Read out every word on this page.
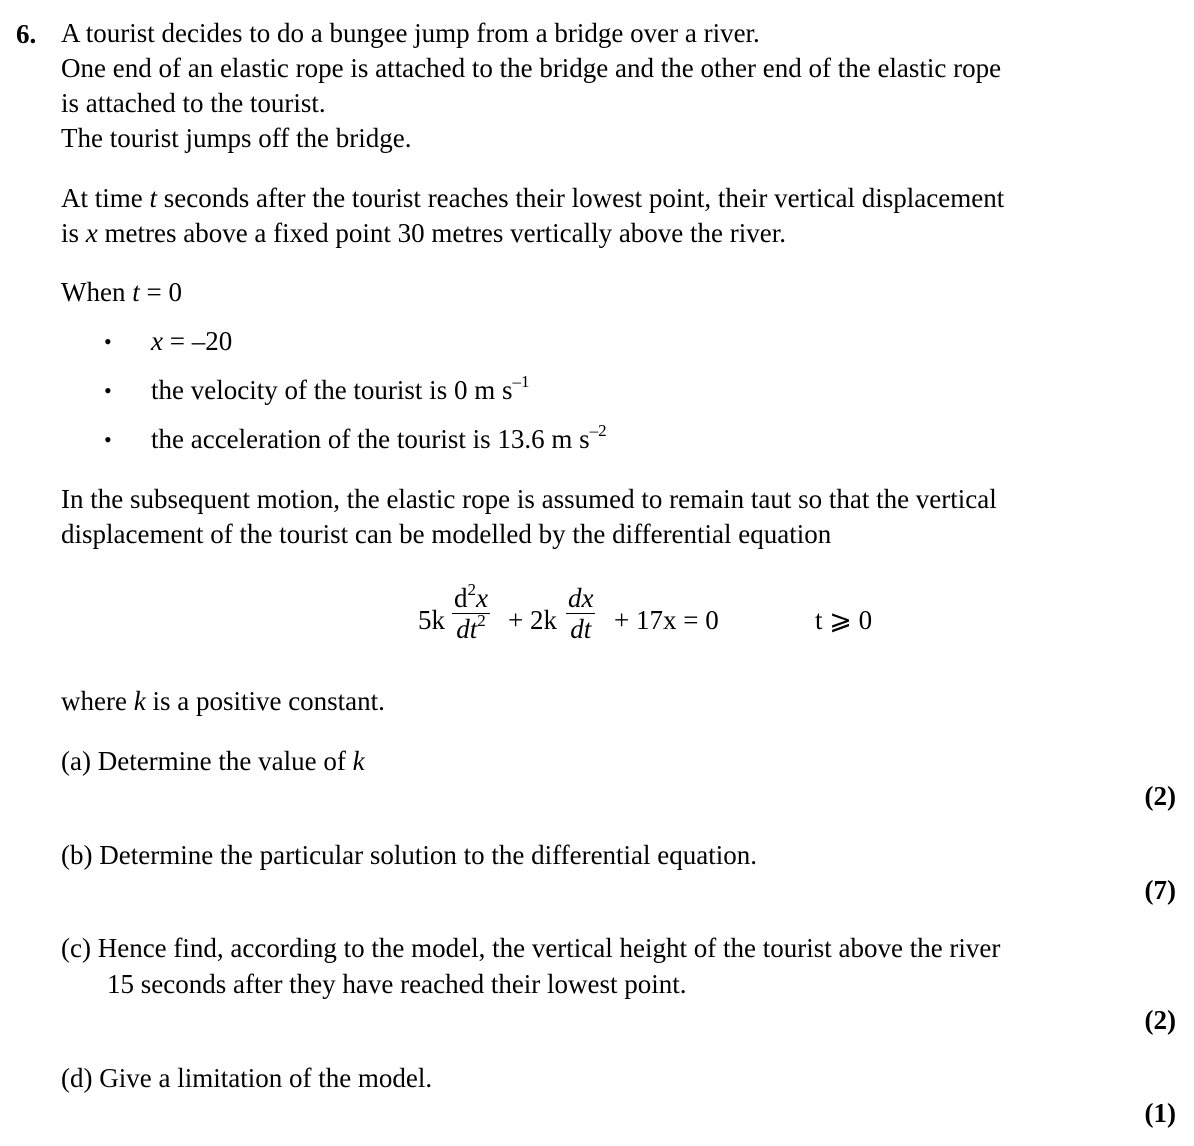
6. A tourist decides to do a bungee jump from a bridge over a river.
One end of an elastic rope is attached to the bridge and the other end of the elastic rope
is attached to the tourist.
The tourist jumps off the bridge.
At time t seconds after the tourist reaches their lowest point, their vertical displacement
is x metres above a fixed point 30 metres vertically above the river.
When t = 0
• x = –20
• the velocity of the tourist is 0 m $s^{-1}$
• the acceleration of the tourist is 13.6 m $s^{-2}$
In the subsequent motion, the elastic rope is assumed to remain taut so that the vertical
displacement of the tourist can be modelled by the differential equation
$5k \frac{d^2x}{dt^2} + 2k \frac{dx}{dt} + 17x = 0$	t ⩾ 0
where k is a positive constant.
(a) Determine the value of k
(2)
(b) Determine the particular solution to the differential equation.
(7)
(c) Hence find, according to the model, the vertical height of the tourist above the river
15 seconds after they have reached their lowest point.
(2)
(d) Give a limitation of the model.
(1)
